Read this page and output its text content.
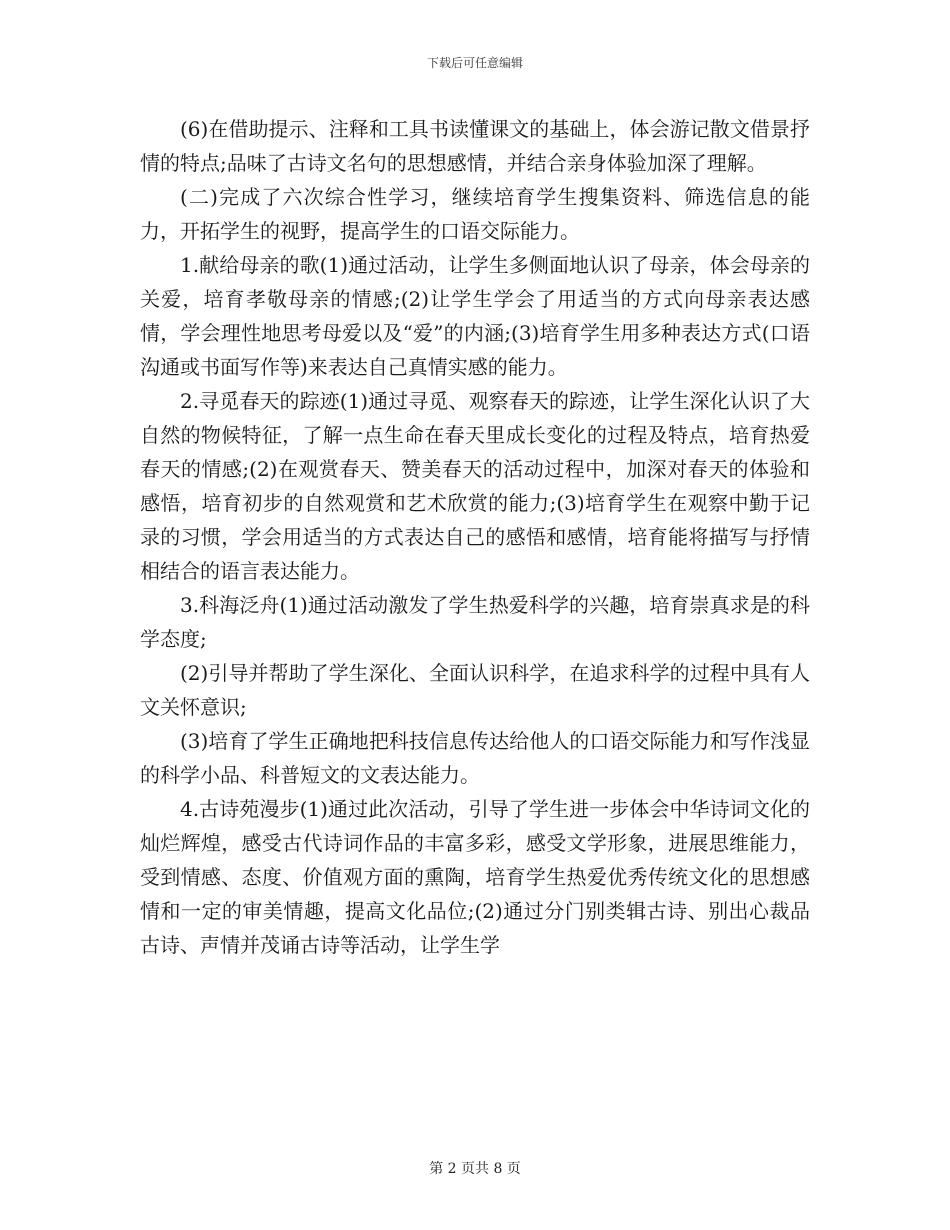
下载后可任意编辑

(6)在借助提示、注释和工具书读懂课文的基础上，体会游记散文借景抒情的特点;品味了古诗文名句的思想感情，并结合亲身体验加深了理解。

(二)完成了六次综合性学习，继续培育学生搜集资料、筛选信息的能力，开拓学生的视野，提高学生的口语交际能力。

1.献给母亲的歌(1)通过活动，让学生多侧面地认识了母亲，体会母亲的关爱，培育孝敬母亲的情感;(2)让学生学会了用适当的方式向母亲表达感情，学会理性地思考母爱以及“爱”的内涵;(3)培育学生用多种表达方式(口语沟通或书面写作等)来表达自己真情实感的能力。

2.寻觅春天的踪迹(1)通过寻觅、观察春天的踪迹，让学生深化认识了大自然的物候特征，了解一点生命在春天里成长变化的过程及特点，培育热爱春天的情感;(2)在观赏春天、赞美春天的活动过程中，加深对春天的体验和感悟，培育初步的自然观赏和艺术欣赏的能力;(3)培育学生在观察中勤于记录的习惯，学会用适当的方式表达自己的感悟和感情，培育能将描写与抒情相结合的语言表达能力。

3.科海泛舟(1)通过活动激发了学生热爱科学的兴趣，培育崇真求是的科学态度;

(2)引导并帮助了学生深化、全面认识科学，在追求科学的过程中具有人文关怀意识;

(3)培育了学生正确地把科技信息传达给他人的口语交际能力和写作浅显的科学小品、科普短文的文表达能力。

4.古诗苑漫步(1)通过此次活动，引导了学生进一步体会中华诗词文化的灿烂辉煌，感受古代诗词作品的丰富多彩，感受文学形象，进展思维能力，受到情感、态度、价值观方面的熏陶，培育学生热爱优秀传统文化的思想感情和一定的审美情趣，提高文化品位;(2)通过分门别类辑古诗、别出心裁品古诗、声情并茂诵古诗等活动，让学生学

第 2 页共 8 页
